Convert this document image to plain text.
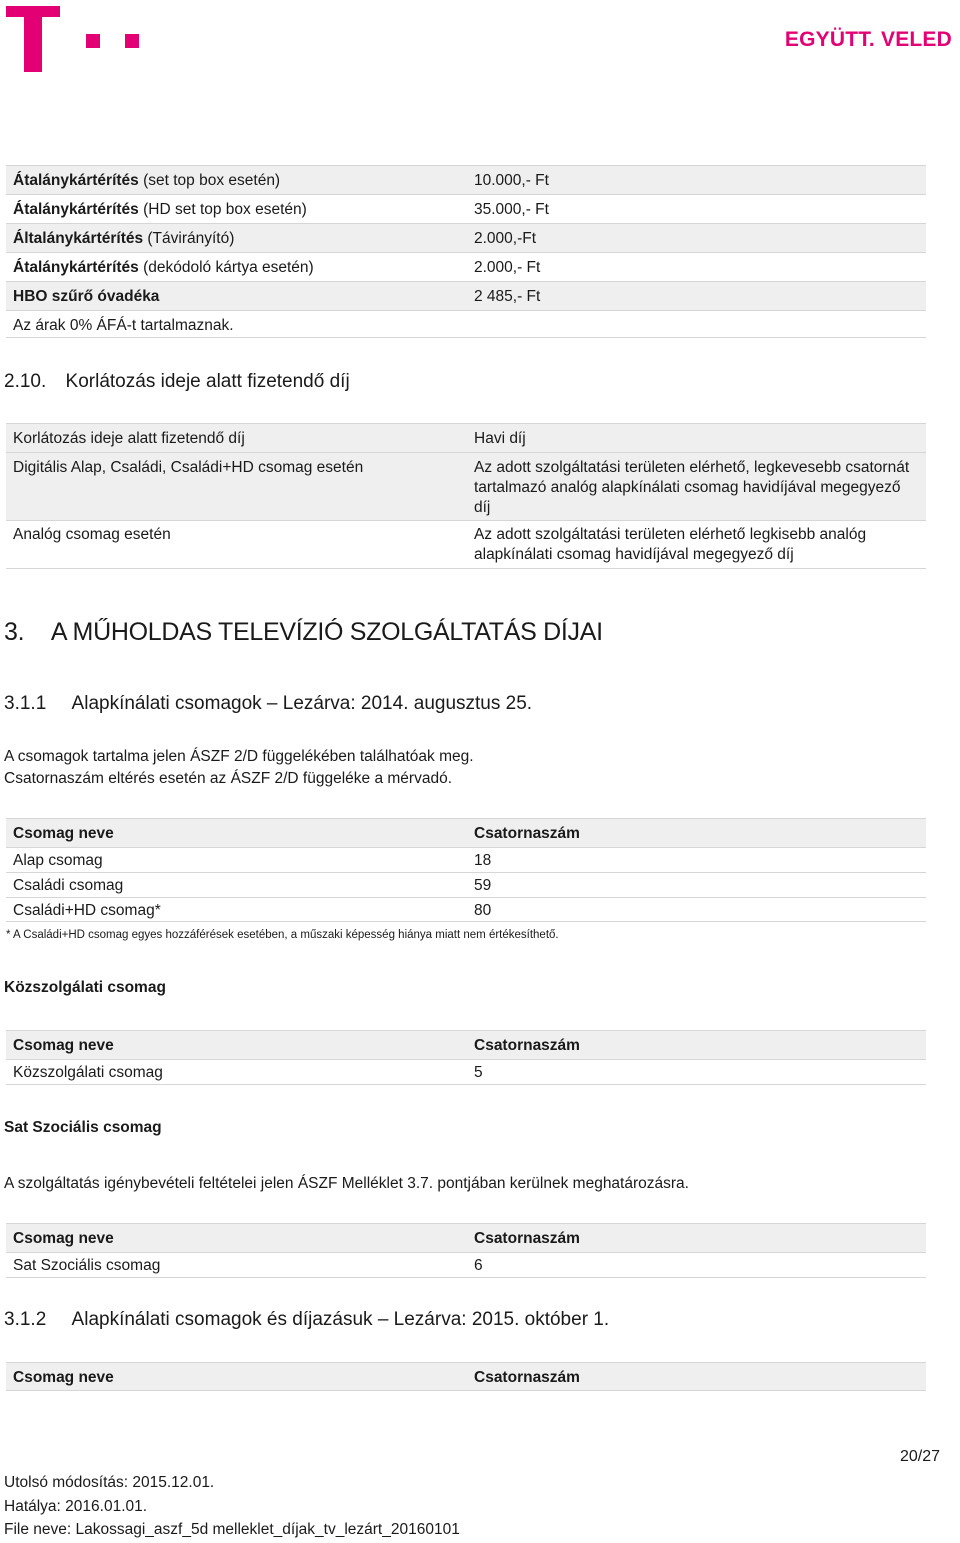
EGYÜTT. VELED
Átalánykártérítés (set top box esetén)	10.000,- Ft
Átalánykártérítés (HD set top box esetén)	35.000,- Ft
Általánykártérítés (Távirányító)	2.000,-Ft
Átalánykártérítés (dekódoló kártya esetén)	2.000,- Ft
HBO szűrő óvadéka	2 485,- Ft
Az árak 0% ÁFÁ-t tartalmaznak.
2.10. Korlátozás ideje alatt fizetendő díj
Korlátozás ideje alatt fizetendő díj	Havi díj
Digitális Alap, Családi, Családi+HD csomag esetén	Az adott szolgáltatási területen elérhető, legkevesebb csatornát tartalmazó analóg alapkínálati csomag havidíjával megegyező díj
Analóg csomag esetén	Az adott szolgáltatási területen elérhető legkisebb analóg alapkínálati csomag havidíjával megegyező díj
3. A MŰHOLDAS TELEVÍZIÓ SZOLGÁLTATÁS DÍJAI
3.1.1 Alapkínálati csomagok – Lezárva: 2014. augusztus 25.
A csomagok tartalma jelen ÁSZF 2/D függelékében találhatóak meg.
Csatornaszám eltérés esetén az ÁSZF 2/D függeléke a mérvadó.
Csomag neve	Csatornaszám
Alap csomag	18
Családi csomag	59
Családi+HD csomag*	80
* A Családi+HD csomag egyes hozzáférések esetében, a műszaki képesség hiánya miatt nem értékesíthető.
Közszolgálati csomag
Csomag neve	Csatornaszám
Közszolgálati csomag	5
Sat Szociális csomag
A szolgáltatás igénybevételi feltételei jelen ÁSZF Melléklet 3.7. pontjában kerülnek meghatározásra.
Csomag neve	Csatornaszám
Sat Szociális csomag	6
3.1.2 Alapkínálati csomagok és díjazásuk – Lezárva: 2015. október 1.
Csomag neve	Csatornaszám
20/27
Utolsó módosítás: 2015.12.01.
Hatálya: 2016.01.01.
File neve: Lakossagi_aszf_5d melleklet_díjak_tv_lezárt_20160101
